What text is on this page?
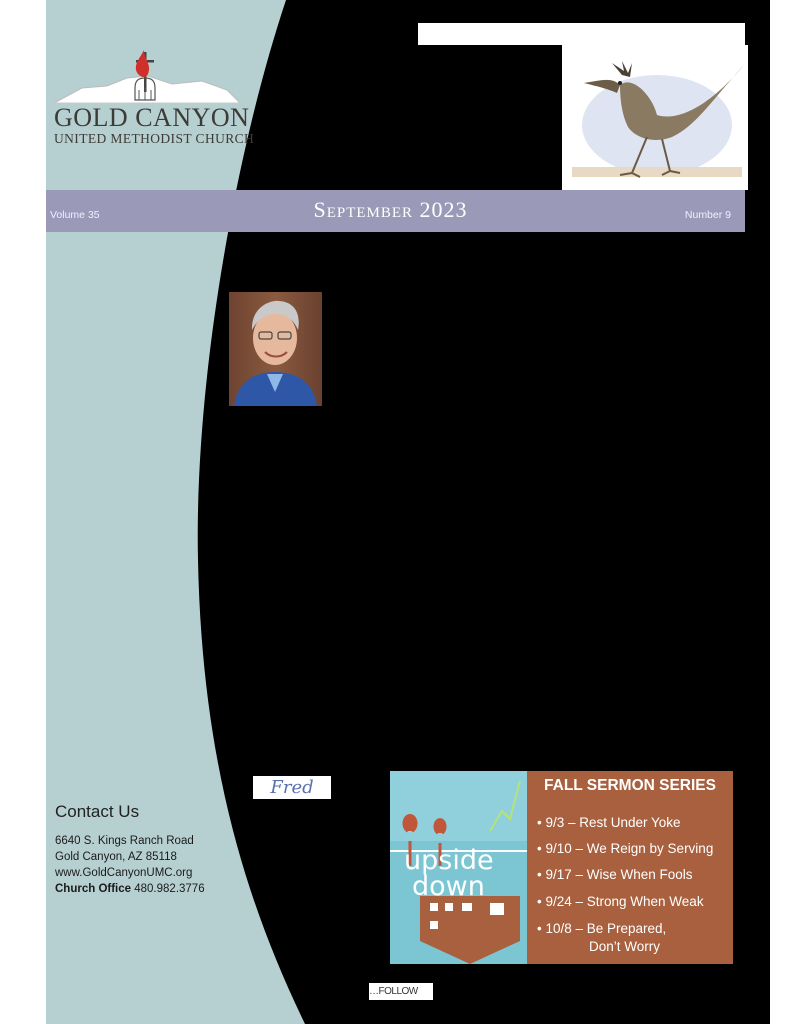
GOLD CANYON
UNITED METHODIST CHURCH
Volume 35	September 2023	Number 9
Fred
Contact Us
6640 S. Kings Ranch Road
Gold Canyon, AZ 85118
www.GoldCanyonUMC.org
Church Office 480.982.3776
upside
down
FALL SERMON SERIES
• 9/3 – Rest Under Yoke
• 9/10 – We Reign by Serving
• 9/17 – Wise When Fools
• 9/24 – Strong When Weak
• 10/8 – Be Prepared,
Don’t Worry
…FOLLOW
